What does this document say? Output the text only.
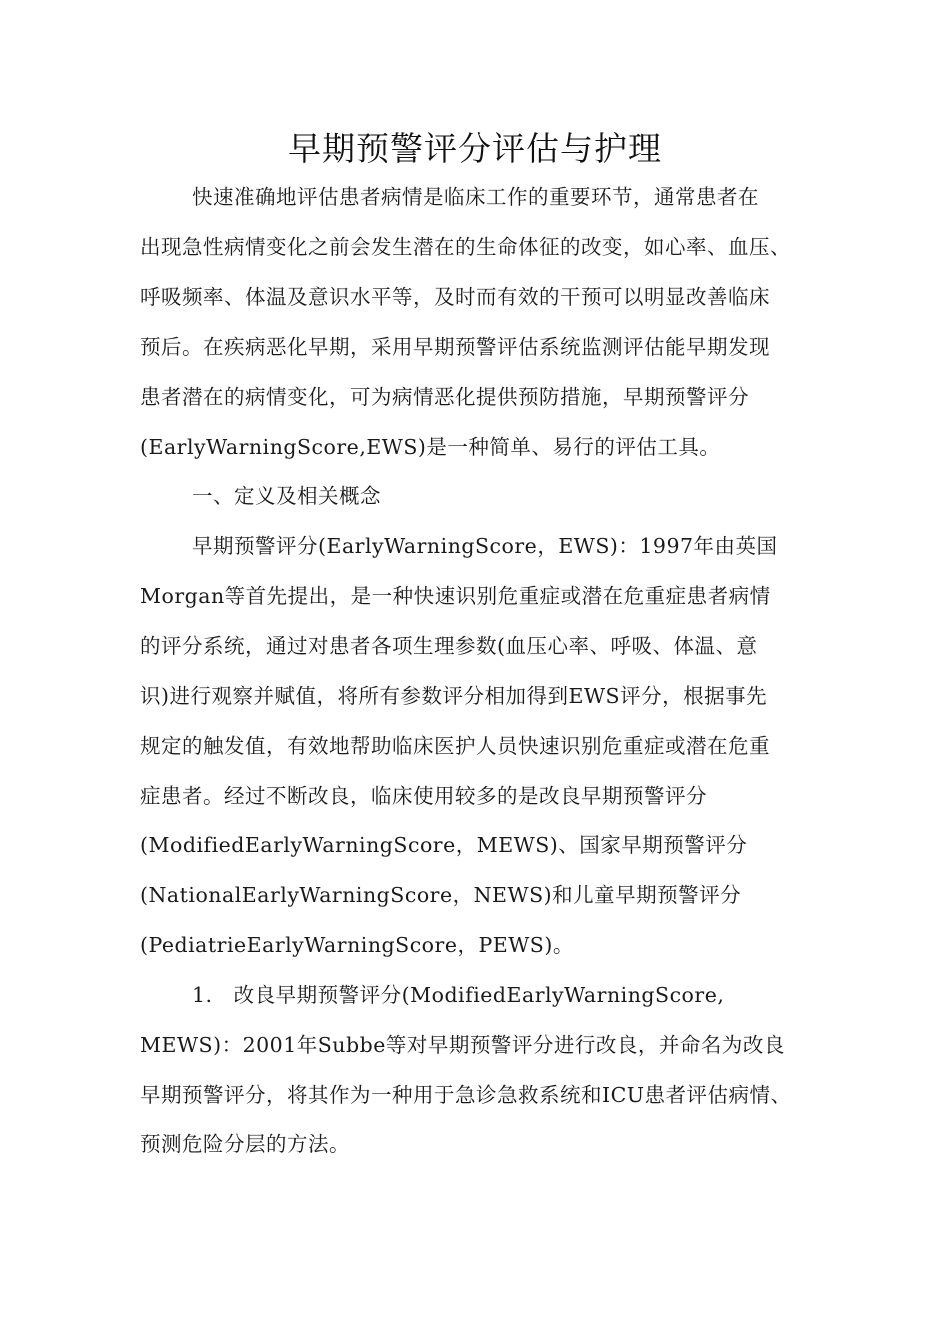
早期预警评分评估与护理
快速准确地评估患者病情是临床工作的重要环节，通常患者在
出现急性病情变化之前会发生潜在的生命体征的改变，如心率、血压、
呼吸频率、体温及意识水平等，及时而有效的干预可以明显改善临床
预后。在疾病恶化早期，采用早期预警评估系统监测评估能早期发现
患者潜在的病情变化，可为病情恶化提供预防措施，早期预警评分
(EarlyWarningScore,EWS)是一种简单、易行的评估工具。
一、定义及相关概念
早期预警评分(EarlyWarningScore，EWS)：1997年由英国
Morgan等首先提出，是一种快速识别危重症或潜在危重症患者病情
的评分系统，通过对患者各项生理参数(血压心率、呼吸、体温、意
识)进行观察并赋值，将所有参数评分相加得到EWS评分，根据事先
规定的触发值，有效地帮助临床医护人员快速识别危重症或潜在危重
症患者。经过不断改良，临床使用较多的是改良早期预警评分
(ModifiedEarlyWarningScore，MEWS)、国家早期预警评分
(NationalEarlyWarningScore，NEWS)和儿童早期预警评分
(PediatrieEarlyWarningScore，PEWS)。
1.   改良早期预警评分(ModifiedEarlyWarningScore,
MEWS)：2001年Subbe等对早期预警评分进行改良，并命名为改良
早期预警评分，将其作为一种用于急诊急救系统和ICU患者评估病情、
预测危险分层的方法。
